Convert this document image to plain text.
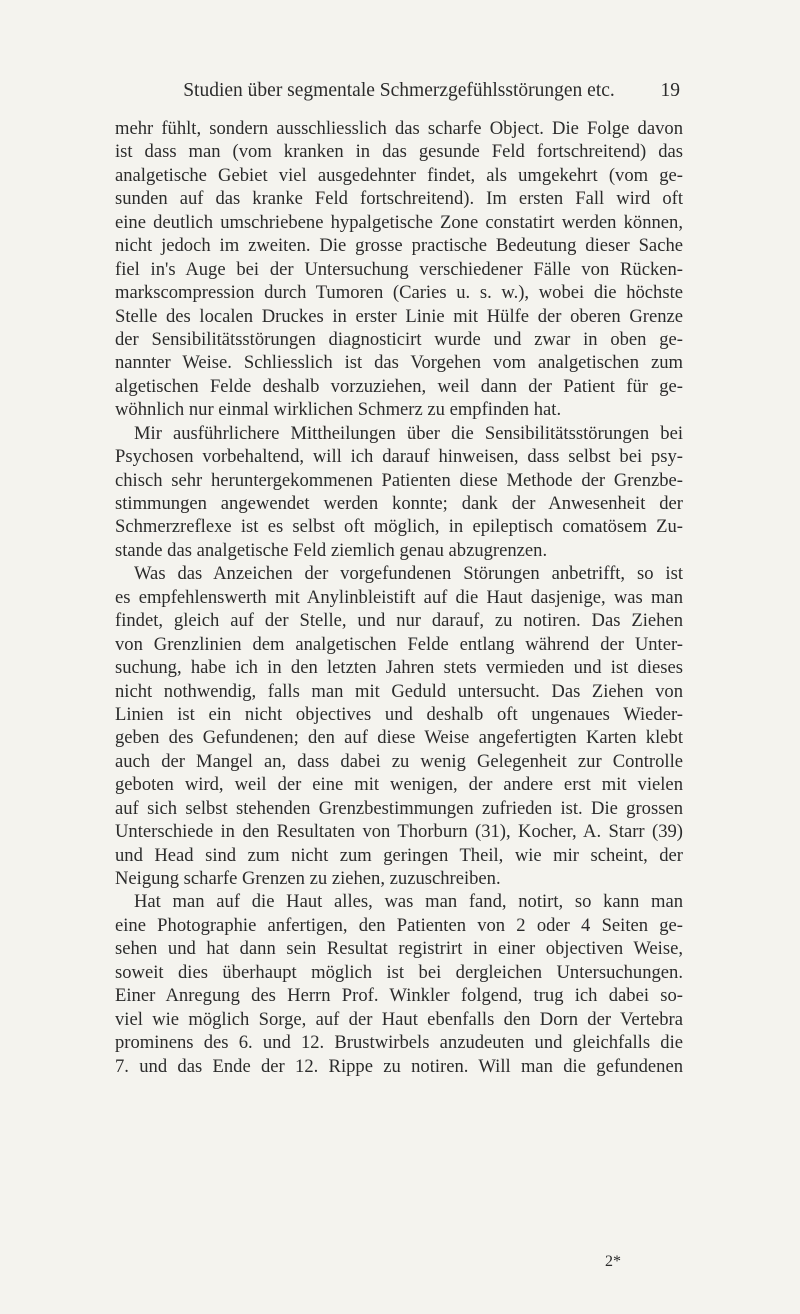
Studien über segmentale Schmerzgefühlsstörungen etc.	19
mehr fühlt, sondern ausschliesslich das scharfe Object. Die Folge davon
ist dass man (vom kranken in das gesunde Feld fortschreitend) das
analgetische Gebiet viel ausgedehnter findet, als umgekehrt (vom ge-
sunden auf das kranke Feld fortschreitend). Im ersten Fall wird oft
eine deutlich umschriebene hypalgetische Zone constatirt werden können,
nicht jedoch im zweiten. Die grosse practische Bedeutung dieser Sache
fiel in's Auge bei der Untersuchung verschiedener Fälle von Rücken-
markscompression durch Tumoren (Caries u. s. w.), wobei die höchste
Stelle des localen Druckes in erster Linie mit Hülfe der oberen Grenze
der Sensibilitätsstörungen diagnosticirt wurde und zwar in oben ge-
nannter Weise. Schliesslich ist das Vorgehen vom analgetischen zum
algetischen Felde deshalb vorzuziehen, weil dann der Patient für ge-
wöhnlich nur einmal wirklichen Schmerz zu empfinden hat.
Mir ausführlichere Mittheilungen über die Sensibilitätsstörungen bei
Psychosen vorbehaltend, will ich darauf hinweisen, dass selbst bei psy-
chisch sehr heruntergekommenen Patienten diese Methode der Grenzbe-
stimmungen angewendet werden konnte; dank der Anwesenheit der
Schmerzreflexe ist es selbst oft möglich, in epileptisch comatösem Zu-
stande das analgetische Feld ziemlich genau abzugrenzen.
Was das Anzeichen der vorgefundenen Störungen anbetrifft, so ist
es empfehlenswerth mit Anylinbleistift auf die Haut dasjenige, was man
findet, gleich auf der Stelle, und nur darauf, zu notiren. Das Ziehen
von Grenzlinien dem analgetischen Felde entlang während der Unter-
suchung, habe ich in den letzten Jahren stets vermieden und ist dieses
nicht nothwendig, falls man mit Geduld untersucht. Das Ziehen von
Linien ist ein nicht objectives und deshalb oft ungenaues Wieder-
geben des Gefundenen; den auf diese Weise angefertigten Karten klebt
auch der Mangel an, dass dabei zu wenig Gelegenheit zur Controlle
geboten wird, weil der eine mit wenigen, der andere erst mit vielen
auf sich selbst stehenden Grenzbestimmungen zufrieden ist. Die grossen
Unterschiede in den Resultaten von Thorburn (31), Kocher, A. Starr (39)
und Head sind zum nicht zum geringen Theil, wie mir scheint, der
Neigung scharfe Grenzen zu ziehen, zuzuschreiben.
Hat man auf die Haut alles, was man fand, notirt, so kann man
eine Photographie anfertigen, den Patienten von 2 oder 4 Seiten ge-
sehen und hat dann sein Resultat registrirt in einer objectiven Weise,
soweit dies überhaupt möglich ist bei dergleichen Untersuchungen.
Einer Anregung des Herrn Prof. Winkler folgend, trug ich dabei so-
viel wie möglich Sorge, auf der Haut ebenfalls den Dorn der Vertebra
prominens des 6. und 12. Brustwirbels anzudeuten und gleichfalls die
7. und das Ende der 12. Rippe zu notiren. Will man die gefundenen
2*
